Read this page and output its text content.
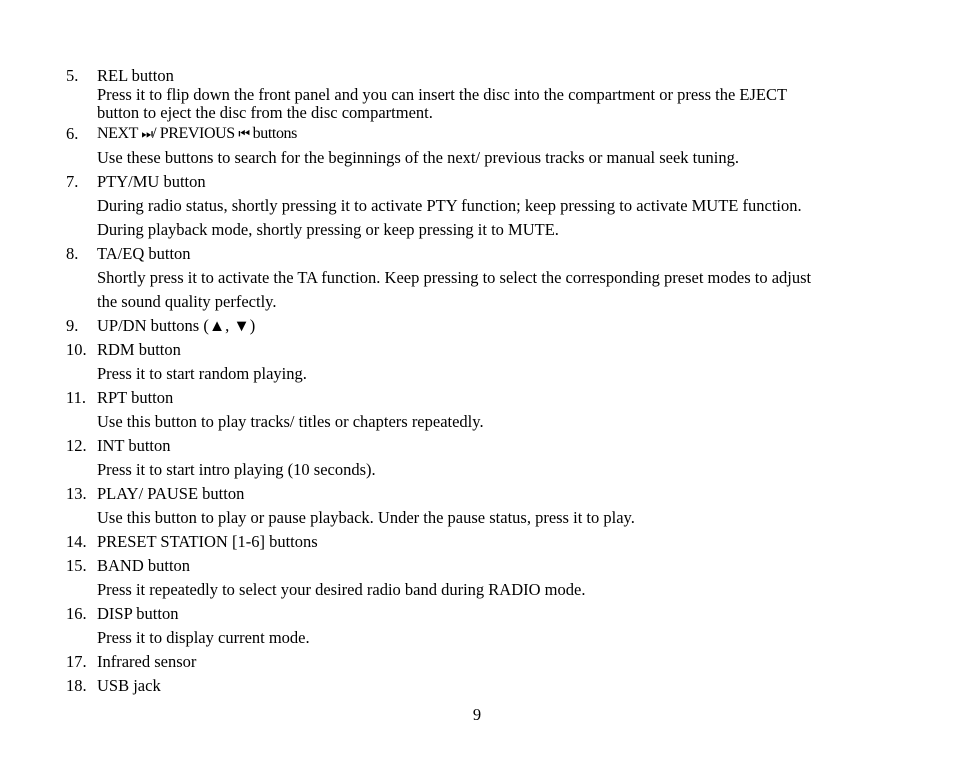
5. REL button
Press it to flip down the front panel and you can insert the disc into the compartment or press the EJECT
button to eject the disc from the disc compartment.
6. NEXT ⏭/ PREVIOUS ⏮ buttons
Use these buttons to search for the beginnings of the next/ previous tracks or manual seek tuning.
7. PTY/MU button
During radio status, shortly pressing it to activate PTY function; keep pressing to activate MUTE function.
During playback mode, shortly pressing or keep pressing it to MUTE.
8. TA/EQ button
Shortly press it to activate the TA function. Keep pressing to select the corresponding preset modes to adjust
the sound quality perfectly.
9. UP/DN buttons (▲, ▼)
10. RDM button
Press it to start random playing.
11. RPT button
Use this button to play tracks/ titles or chapters repeatedly.
12. INT button
Press it to start intro playing (10 seconds).
13. PLAY/ PAUSE button
Use this button to play or pause playback. Under the pause status, press it to play.
14. PRESET STATION [1-6] buttons
15. BAND button
Press it repeatedly to select your desired radio band during RADIO mode.
16. DISP button
Press it to display current mode.
17. Infrared sensor
18. USB jack
9
